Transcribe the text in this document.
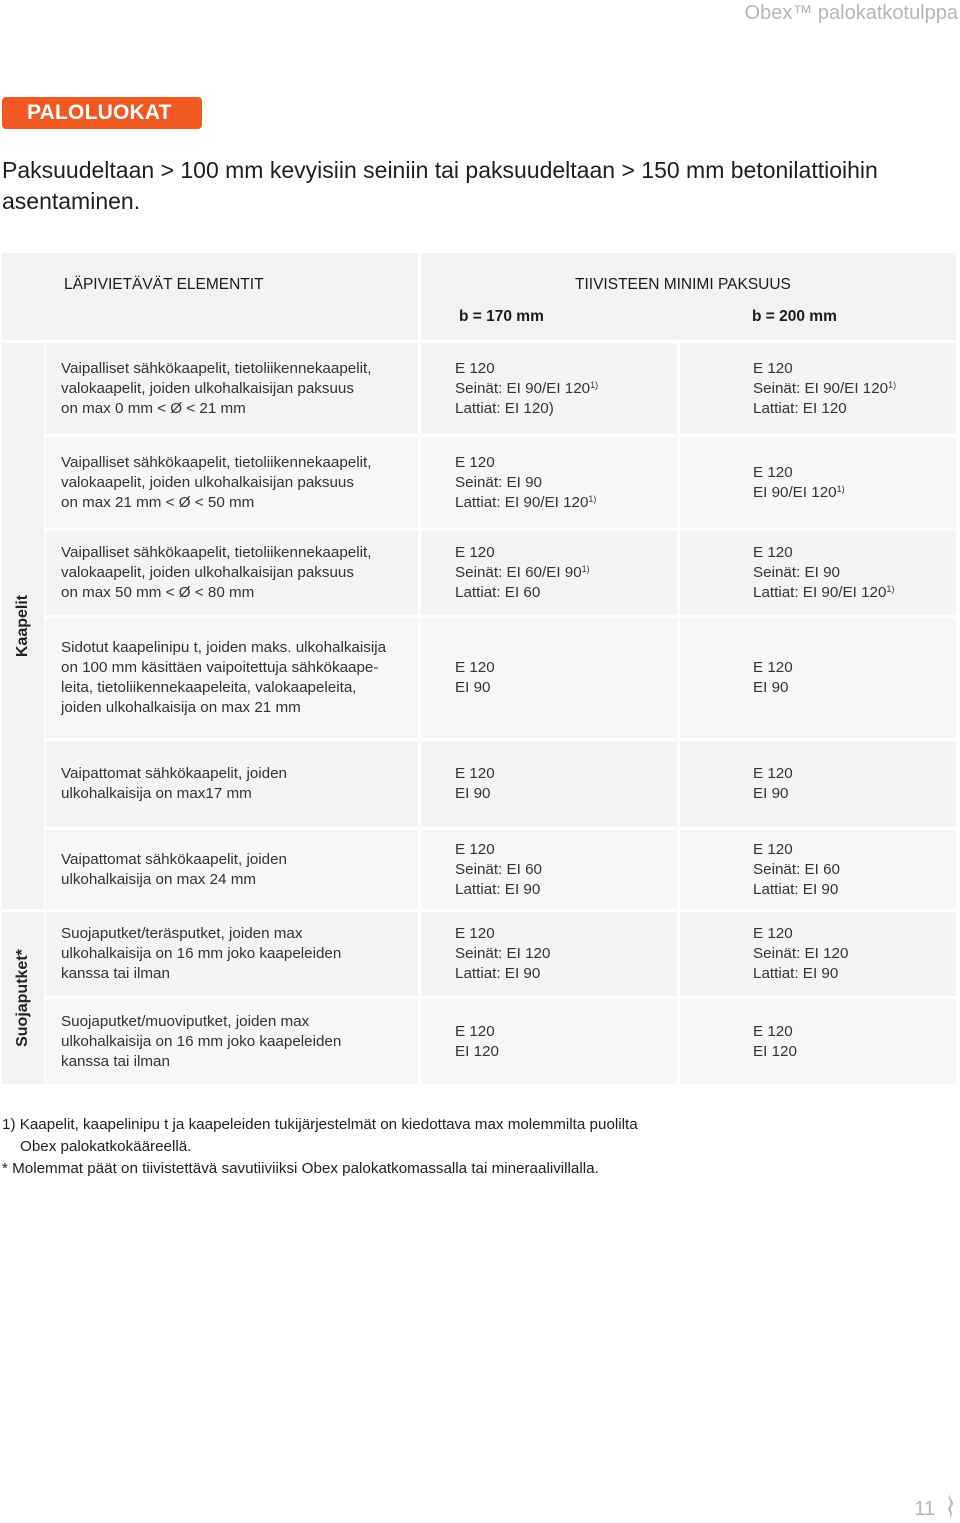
Obex™ palokatkotulppa
PALOLUOKAT
Paksuudeltaan > 100 mm kevyisiin seiniin tai paksuudeltaan > 150 mm betonilattioihin asentaminen.
LÄPIVIETÄVÄT ELEMENTIT	TIIVISTEEN MINIMI PAKSUUS
b = 170 mm	b = 200 mm
Kaapelit
Suojaputket*
Vaipalliset sähkökaapelit, tietoliikennekaapelit,
valokaapelit, joiden ulkohalkaisijan paksuus
on max 0 mm < Ø < 21 mm
E 120
Seinät: EI 90/EI 120$^{1)}$
Lattiat: EI 120)
E 120
Seinät: EI 90/EI 120$^{1)}$
Lattiat: EI 120
Vaipalliset sähkökaapelit, tietoliikennekaapelit,
valokaapelit, joiden ulkohalkaisijan paksuus
on max 21 mm < Ø < 50 mm
E 120
Seinät: EI 90
Lattiat: EI 90/EI 120$^{1)}$
E 120
EI 90/EI 120$^{1)}$
Vaipalliset sähkökaapelit, tietoliikennekaapelit,
valokaapelit, joiden ulkohalkaisijan paksuus
on max 50 mm < Ø < 80 mm
E 120
Seinät: EI 60/EI 90$^{1)}$
Lattiat: EI 60
E 120
Seinät: EI 90
Lattiat: EI 90/EI 120$^{1)}$
Sidotut kaapelinipu t, joiden maks. ulkohalkaisija
on 100 mm käsittäen vaipoitettuja sähkökaape-
leita, tietoliikennekaapeleita, valokaapeleita,
joiden ulkohalkaisija on max 21 mm
E 120
EI 90
E 120
EI 90
Vaipattomat sähkökaapelit, joiden
ulkohalkaisija on max17 mm
E 120
EI 90
E 120
EI 90
Vaipattomat sähkökaapelit, joiden
ulkohalkaisija on max 24 mm
E 120
Seinät: EI 60
Lattiat: EI 90
E 120
Seinät: EI 60
Lattiat: EI 90
Suojaputket/teräsputket, joiden max
ulkohalkaisija on 16 mm joko kaapeleiden
kanssa tai ilman
E 120
Seinät: EI 120
Lattiat: EI 90
E 120
Seinät: EI 120
Lattiat: EI 90
Suojaputket/muoviputket, joiden max
ulkohalkaisija on 16 mm joko kaapeleiden
kanssa tai ilman
E 120
EI 120
E 120
EI 120
1) Kaapelit, kaapelinipu t ja kaapeleiden tukijärjestelmät on kiedottava max molemmilta puolilta
Obex palokatkokääreellä.
* Molemmat päät on tiivistettävä savutiiviiksi Obex palokatkomassalla tai mineraalivillalla.
11
